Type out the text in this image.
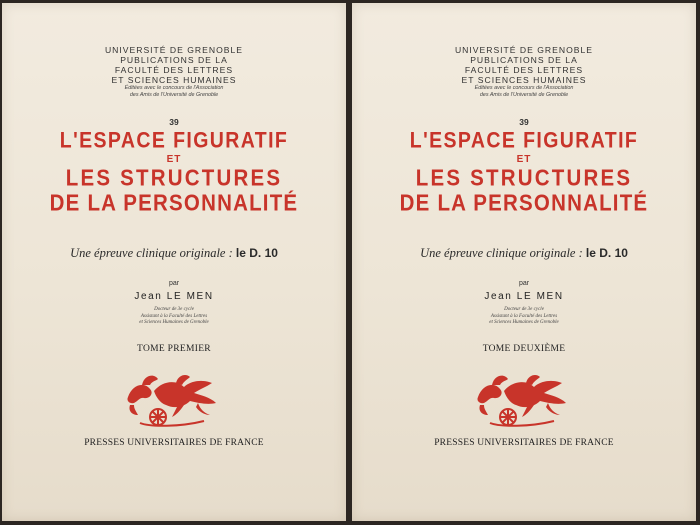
UNIVERSITÉ DE GRENOBLE
PUBLICATIONS DE LA
FACULTÉ DES LETTRES
ET SCIENCES HUMAINES
Éditées avec le concours de l'Association
des Amis de l'Université de Grenoble
39
L'ESPACE FIGURATIF
ET
LES STRUCTURES
DE LA PERSONNALITÉ
Une épreuve clinique originale : le D. 10
par
Jean LE MEN
Docteur de 3e cycle
Assistant à la Faculté des Lettres
et Sciences Humaines de Grenoble
TOME PREMIER
PRESSES UNIVERSITAIRES DE FRANCE
UNIVERSITÉ DE GRENOBLE
PUBLICATIONS DE LA
FACULTÉ DES LETTRES
ET SCIENCES HUMAINES
Éditées avec le concours de l'Association
des Amis de l'Université de Grenoble
39
L'ESPACE FIGURATIF
ET
LES STRUCTURES
DE LA PERSONNALITÉ
Une épreuve clinique originale : le D. 10
par
Jean LE MEN
Docteur de 3e cycle
Assistant à la Faculté des Lettres
et Sciences Humaines de Grenoble
TOME DEUXIÈME
PRESSES UNIVERSITAIRES DE FRANCE
